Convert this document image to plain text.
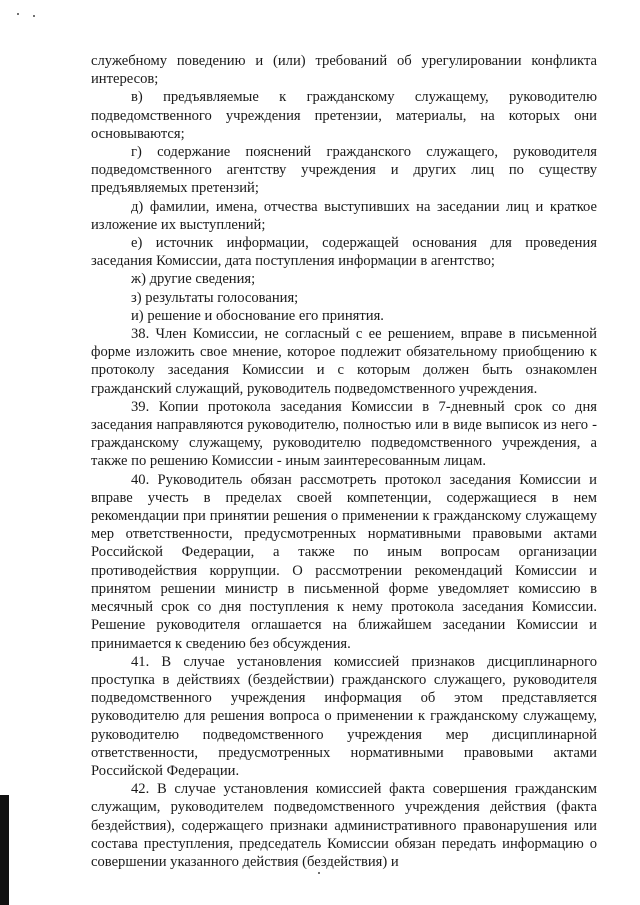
служебному поведению и (или) требований об урегулировании конфликта интересов;

в) предъявляемые к гражданскому служащему, руководителю подведомственного учреждения претензии, материалы, на которых они основываются;

г) содержание пояснений гражданского служащего, руководителя подведомственного агентству учреждения и других лиц по существу предъявляемых претензий;

д) фамилии, имена, отчества выступивших на заседании лиц и краткое изложение их выступлений;

е) источник информации, содержащей основания для проведения заседания Комиссии, дата поступления информации в агентство;

ж) другие сведения;

з) результаты голосования;

и) решение и обоснование его принятия.

38. Член Комиссии, не согласный с ее решением, вправе в письменной форме изложить свое мнение, которое подлежит обязательному приобщению к протоколу заседания Комиссии и с которым должен быть ознакомлен гражданский служащий, руководитель подведомственного учреждения.

39. Копии протокола заседания Комиссии в 7-дневный срок со дня заседания направляются руководителю, полностью или в виде выписок из него - гражданскому служащему, руководителю подведомственного учреждения, а также по решению Комиссии - иным заинтересованным лицам.

40. Руководитель обязан рассмотреть протокол заседания Комиссии и вправе учесть в пределах своей компетенции, содержащиеся в нем рекомендации при принятии решения о применении к гражданскому служащему мер ответственности, предусмотренных нормативными правовыми актами Российской Федерации, а также по иным вопросам организации противодействия коррупции. О рассмотрении рекомендаций Комиссии и принятом решении министр в письменной форме уведомляет комиссию в месячный срок со дня поступления к нему протокола заседания Комиссии. Решение руководителя оглашается на ближайшем заседании Комиссии и принимается к сведению без обсуждения.

41. В случае установления комиссией признаков дисциплинарного проступка в действиях (бездействии) гражданского служащего, руководителя подведомственного учреждения информация об этом представляется руководителю для решения вопроса о применении к гражданскому служащему, руководителю подведомственного учреждения мер дисциплинарной ответственности, предусмотренных нормативными правовыми актами Российской Федерации.

42. В случае установления комиссией факта совершения гражданским служащим, руководителем подведомственного учреждения действия (факта бездействия), содержащего признаки административного правонарушения или состава преступления, председатель Комиссии обязан передать информацию о совершении указанного действия (бездействия) и
